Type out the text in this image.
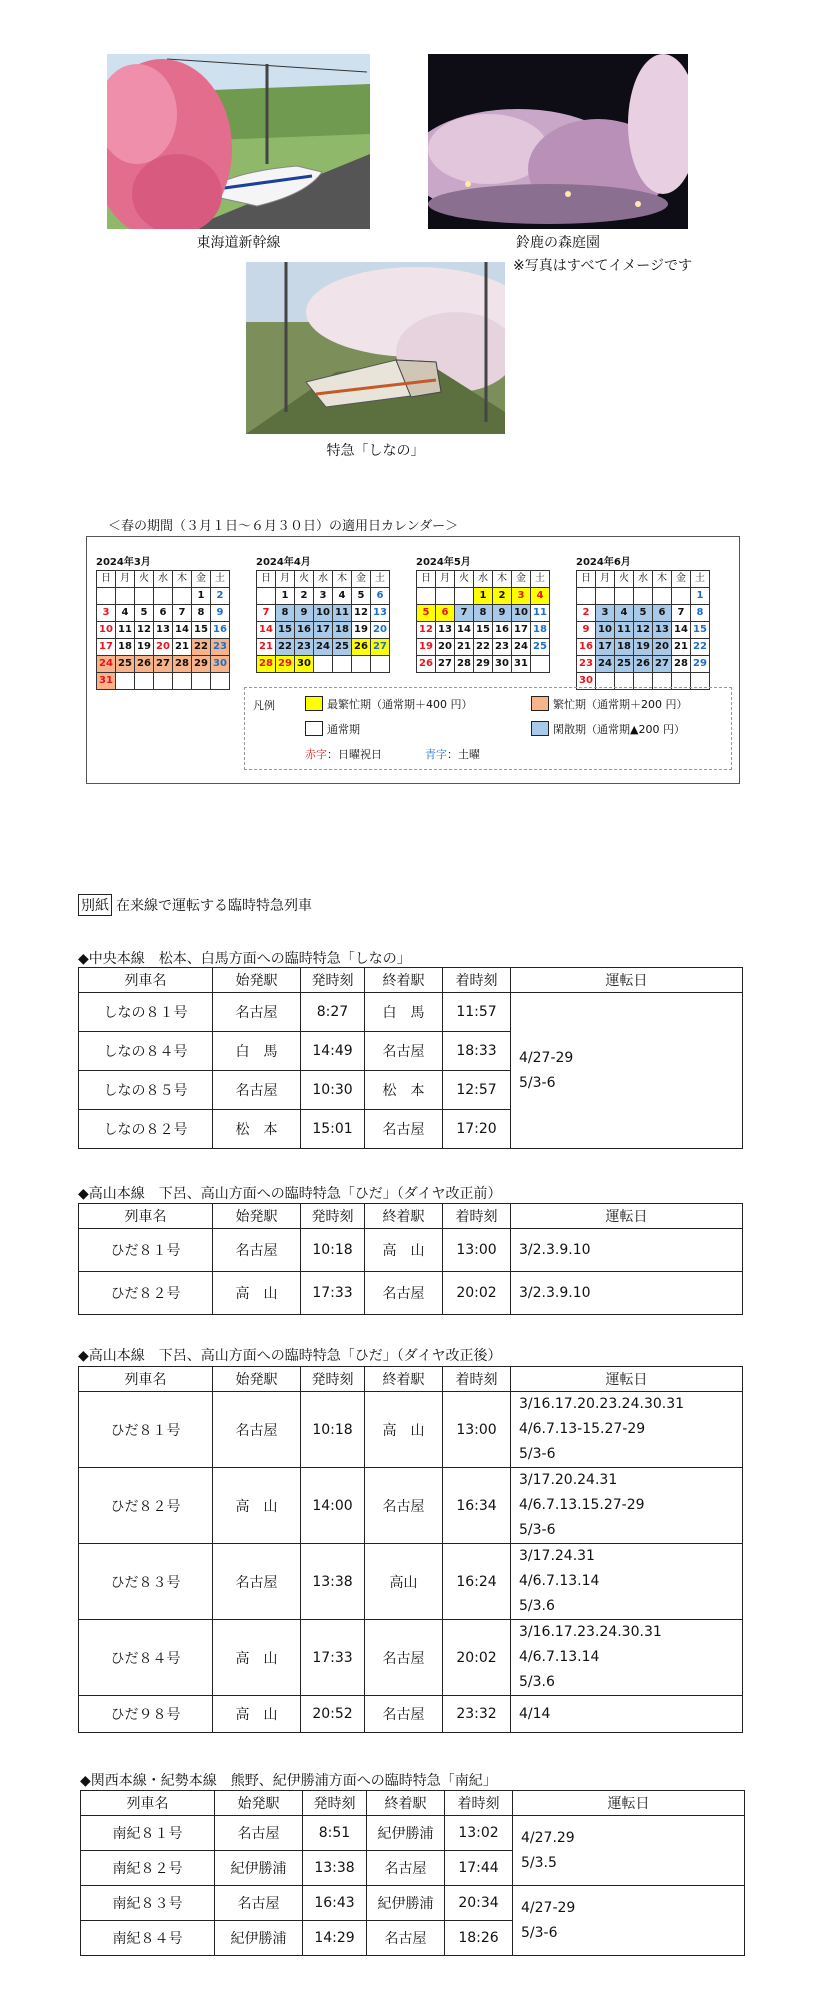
東海道新幹線	鈴鹿の森庭園
※写真はすべてイメージです
特急「しなの」
＜春の期間（３月１日～６月３０日）の適用日カレンダー＞
2024年3月
日	月	火	水	木	金	土
					1	2
3	4	5	6	7	8	9
10	11	12	13	14	15	16
17	18	19	20	21	22	23
24	25	26	27	28	29	30
31						
2024年4月
日	月	火	水	木	金	土
	1	2	3	4	5	6
7	8	9	10	11	12	13
14	15	16	17	18	19	20
21	22	23	24	25	26	27
28	29	30				
2024年5月
日	月	火	水	木	金	土
			1	2	3	4
5	6	7	8	9	10	11
12	13	14	15	16	17	18
19	20	21	22	23	24	25
26	27	28	29	30	31	
2024年6月
日	月	火	水	木	金	土
						1
2	3	4	5	6	7	8
9	10	11	12	13	14	15
16	17	18	19	20	21	22
23	24	25	26	27	28	29
30						
凡例	最繁忙期（通常期＋400 円）	繁忙期（通常期＋200 円）
通常期	閑散期（通常期▲200 円）
赤字：日曜祝日	青字：土曜
別紙 在来線で運転する臨時特急列車
◆中央本線　松本、白馬方面への臨時特急「しなの」
列車名	始発駅	発時刻	終着駅	着時刻	運転日
しなの８１号	名古屋	8:27	白　馬	11:57	4/27-29
5/3-6

しなの８４号	白　馬	14:49	名古屋	18:33	
しなの８５号	名古屋	10:30	松　本	12:57	
しなの８２号	松　本	15:01	名古屋	17:20	
◆高山本線　下呂、高山方面への臨時特急「ひだ」（ダイヤ改正前）
列車名	始発駅	発時刻	終着駅	着時刻	運転日
ひだ８１号	名古屋	10:18	高　山	13:00	3/2.3.9.10

ひだ８２号	高　山	17:33	名古屋	20:02	3/2.3.9.10
◆高山本線　下呂、高山方面への臨時特急「ひだ」（ダイヤ改正後）
列車名	始発駅	発時刻	終着駅	着時刻	運転日
ひだ８１号	名古屋	10:18	高　山	13:00	3/16.17.20.23.24.30.31
4/6.7.13-15.27-29
5/3-6

ひだ８２号	高　山	14:00	名古屋	16:34	3/17.20.24.31
4/6.7.13.15.27-29
5/3-6

ひだ８３号	名古屋	13:38	高山	16:24	3/17.24.31
4/6.7.13.14
5/3.6

ひだ８４号	高　山	17:33	名古屋	20:02	3/16.17.23.24.30.31
4/6.7.13.14
5/3.6

ひだ９８号	高　山	20:52	名古屋	23:32	4/14
◆関西本線・紀勢本線　熊野、紀伊勝浦方面への臨時特急「南紀」
列車名	始発駅	発時刻	終着駅	着時刻	運転日
南紀８１号	名古屋	8:51	紀伊勝浦	13:02	4/27.29
5/3.5

南紀８２号	紀伊勝浦	13:38	名古屋	17:44	
南紀８３号	名古屋	16:43	紀伊勝浦	20:34	4/27-29
5/3-6

南紀８４号	紀伊勝浦	14:29	名古屋	18:26	
